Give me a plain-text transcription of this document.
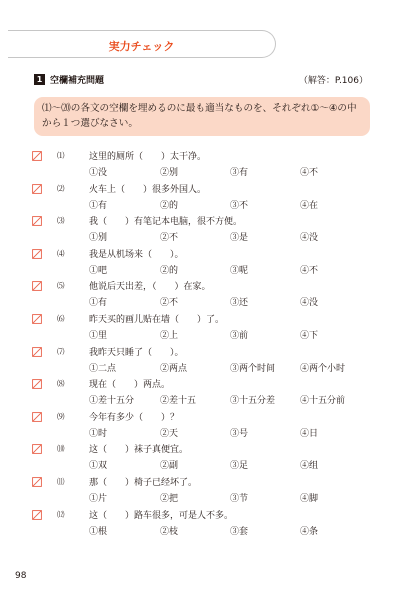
実力チェック
1 空欄補充問題	（解答：P.106）
⑴〜⒇の各文の空欄を埋めるのに最も適当なものを、それぞれ①〜④の中から１つ選びなさい。
⑴	这里的厕所（　　）太干净。
①没	②别	③有	④不
⑵	火车上（　　）很多外国人。
①有	②的	③不	④在
⑶	我（　　）有笔记本电脑，很不方便。
①别	②不	③是	④没
⑷	我是从机场来（　　）。
①吧	②的	③呢	④不
⑸	他说后天出差，（　　）在家。
①有	②不	③还	④没
⑹	昨天买的画儿贴在墙（　　）了。
①里	②上	③前	④下
⑺	我昨天只睡了（　　）。
①二点	②两点	③两个时间	④两个小时
⑻	现在（　　）两点。
①差十五分	②差十五	③十五分差	④十五分前
⑼	今年有多少（　　）？
①时	②天	③号	④日
⑽	这（　　）袜子真便宜。
①双	②副	③足	④组
⑾	那（　　）椅子已经坏了。
①片	②把	③节	④脚
⑿	这（　　）路车很多，可是人不多。
①根	②枝	③套	④条
98
